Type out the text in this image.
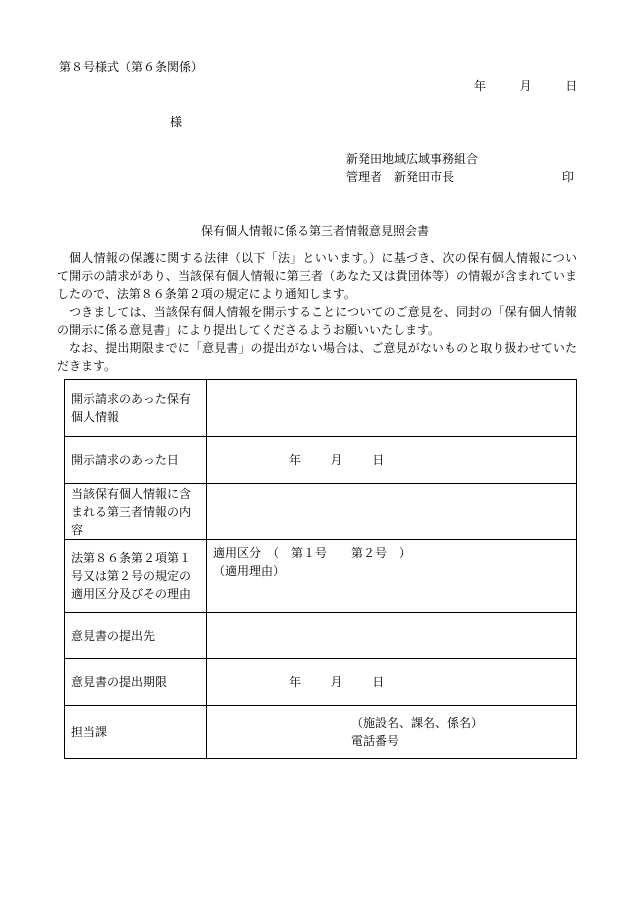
第８号様式（第６条関係）
年	月	日
様
新発田地域広域事務組合
管理者　新発田市長	印
保有個人情報に係る第三者情報意見照会書

個人情報の保護に関する法律（以下「法」といいます。）に基づき、次の保有個人情報について開示の請求があり、当該保有個人情報に第三者（あなた又は貴団体等）の情報が含まれていましたので、法第８６条第２項の規定により通知します。

つきましては、当該保有個人情報を開示することについてのご意見を、同封の「保有個人情報の開示に係る意見書」により提出してくださるようお願いいたします。

なお、提出期限までに「意見書」の提出がない場合は、ご意見がないものと取り扱わせていただきます。

開示請求のあった保有個人情報	
開示請求のあった日	年 月 日

当該保有個人情報に含まれる第三者情報の内容	
法第８６条第２項第１号又は第２号の規定の適用区分及びその理由	適用区分　（　第１号　　第２号　）
（適用理由）

意見書の提出先	
意見書の提出期限	年 月 日

担当課	（施設名、課名、係名）
電話番号
